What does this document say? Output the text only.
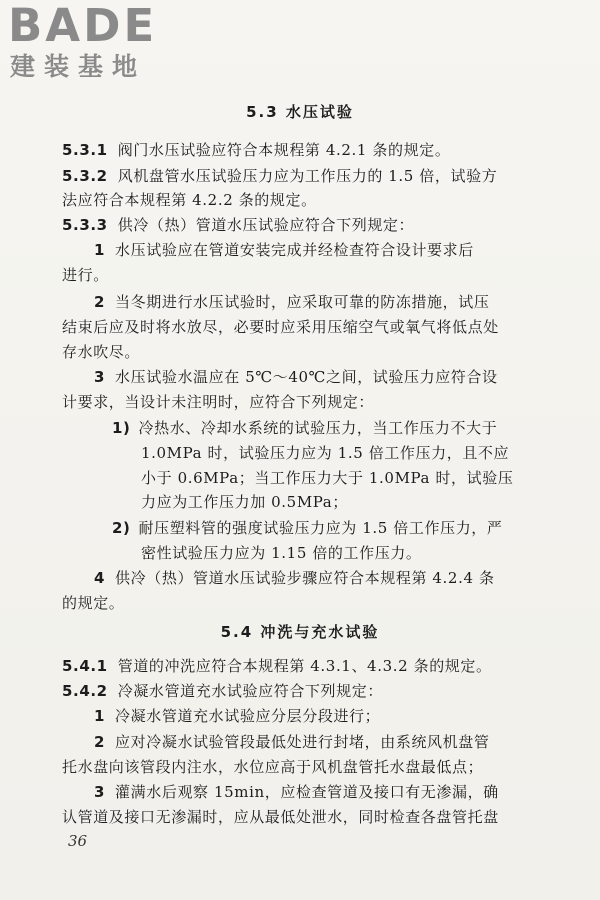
BADE
建装基地
5.3 水压试验
5.3.1 阀门水压试验应符合本规程第 4.2.1 条的规定。
5.3.2 风机盘管水压试验压力应为工作压力的 1.5 倍，试验方
法应符合本规程第 4.2.2 条的规定。
5.3.3 供冷（热）管道水压试验应符合下列规定：
1 水压试验应在管道安装完成并经检查符合设计要求后
进行。
2 当冬期进行水压试验时，应采取可靠的防冻措施，试压
结束后应及时将水放尽，必要时应采用压缩空气或氧气将低点处
存水吹尽。
3 水压试验水温应在 5℃～40℃之间，试验压力应符合设
计要求，当设计未注明时，应符合下列规定：
1) 冷热水、冷却水系统的试验压力，当工作压力不大于
1.0MPa 时，试验压力应为 1.5 倍工作压力，且不应
小于 0.6MPa；当工作压力大于 1.0MPa 时，试验压
力应为工作压力加 0.5MPa；
2) 耐压塑料管的强度试验压力应为 1.5 倍工作压力，严
密性试验压力应为 1.15 倍的工作压力。
4 供冷（热）管道水压试验步骤应符合本规程第 4.2.4 条
的规定。
5.4 冲洗与充水试验
5.4.1 管道的冲洗应符合本规程第 4.3.1、4.3.2 条的规定。
5.4.2 冷凝水管道充水试验应符合下列规定：
1 冷凝水管道充水试验应分层分段进行；
2 应对冷凝水试验管段最低处进行封堵，由系统风机盘管
托水盘向该管段内注水，水位应高于风机盘管托水盘最低点；
3 灌满水后观察 15min，应检查管道及接口有无渗漏，确
认管道及接口无渗漏时，应从最低处泄水，同时检查各盘管托盘
36
